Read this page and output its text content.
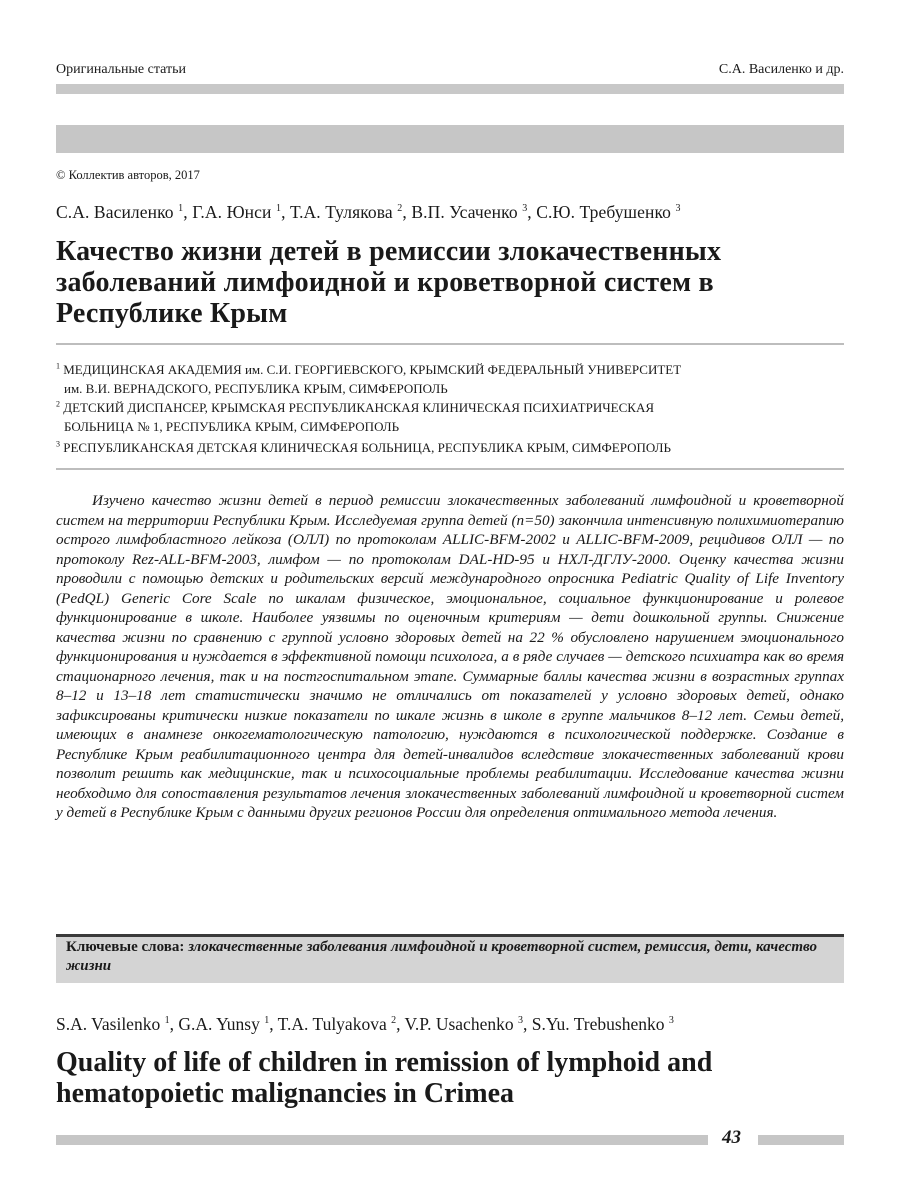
Оригинальные статьи	С.А. Василенко и др.
© Коллектив авторов, 2017
С.А. Василенко $^1$, Г.А. Юнси $^1$, Т.А. Тулякова $^2$, В.П. Усаченко $^3$, С.Ю. Требушенко $^3$
Качество жизни детей в ремиссии злокачественных заболеваний лимфоидной и кроветворной систем в Республике Крым
$^1$ МЕДИЦИНСКАЯ АКАДЕМИЯ им. С.И. ГЕОРГИЕВСКОГО, КРЫМСКИЙ ФЕДЕРАЛЬНЫЙ УНИВЕРСИТЕТ
им. В.И. ВЕРНАДСКОГО, РЕСПУБЛИКА КРЫМ, СИМФЕРОПОЛЬ
$^2$ ДЕТСКИЙ ДИСПАНСЕР, КРЫМСКАЯ РЕСПУБЛИКАНСКАЯ КЛИНИЧЕСКАЯ ПСИХИАТРИЧЕСКАЯ
БОЛЬНИЦА № 1, РЕСПУБЛИКА КРЫМ, СИМФЕРОПОЛЬ
$^3$ РЕСПУБЛИКАНСКАЯ ДЕТСКАЯ КЛИНИЧЕСКАЯ БОЛЬНИЦА, РЕСПУБЛИКА КРЫМ, СИМФЕРОПОЛЬ
Изучено качество жизни детей в период ремиссии злокачественных заболеваний лимфоидной и кроветворной систем на территории Республики Крым. Исследуемая группа детей (n=50) закончила интенсивную полихимиотерапию острого лимфобластного лейкоза (ОЛЛ) по протоколам ALLIC-BFM-2002 и ALLIC-BFM-2009, рецидивов ОЛЛ — по протоколу Rez-ALL-BFM-2003, лимфом — по протоколам DAL-HD-95 и НХЛ-ДГЛУ-2000. Оценку качества жизни проводили с помощью детских и родительских версий международного опросника Pediatric Quality of Life Inventory (PedQL) Generic Core Scale по шкалам физическое, эмоциональное, социальное функционирование и ролевое функционирование в школе. Наиболее уязвимы по оценочным критериям — дети дошкольной группы. Снижение качества жизни по сравнению с группой условно здоровых детей на 22 % обусловлено нарушением эмоционального функционирования и нуждается в эффективной помощи психолога, а в ряде случаев — детского психиатра как во время стационарного лечения, так и на постгоспитальном этапе. Суммарные баллы качества жизни в возрастных группах 8–12 и 13–18 лет статистически значимо не отличались от показателей у условно здоровых детей, однако зафиксированы критически низкие показатели по шкале жизнь в школе в группе мальчиков 8–12 лет. Семьи детей, имеющих в анамнезе онкогематологическую патологию, нуждаются в психологической поддержке. Создание в Республике Крым реабилитационного центра для детей-инвалидов вследствие злокачественных заболеваний крови позволит решить как медицинские, так и психосоциальные проблемы реабилитации. Исследование качества жизни необходимо для сопоставления результатов лечения злокачественных заболеваний лимфоидной и кроветворной систем у детей в Республике Крым с данными других регионов России для определения оптимального метода лечения.
Ключевые слова: злокачественные заболевания лимфоидной и кроветворной систем, ремиссия, дети, качество жизни
S.A. Vasilenko $^1$, G.A. Yunsy $^1$, T.A. Tulyakova $^2$, V.P. Usachenko $^3$, S.Yu. Trebushenko $^3$
Quality of life of children in remission of lymphoid and hematopoietic malignancies in Crimea
43
